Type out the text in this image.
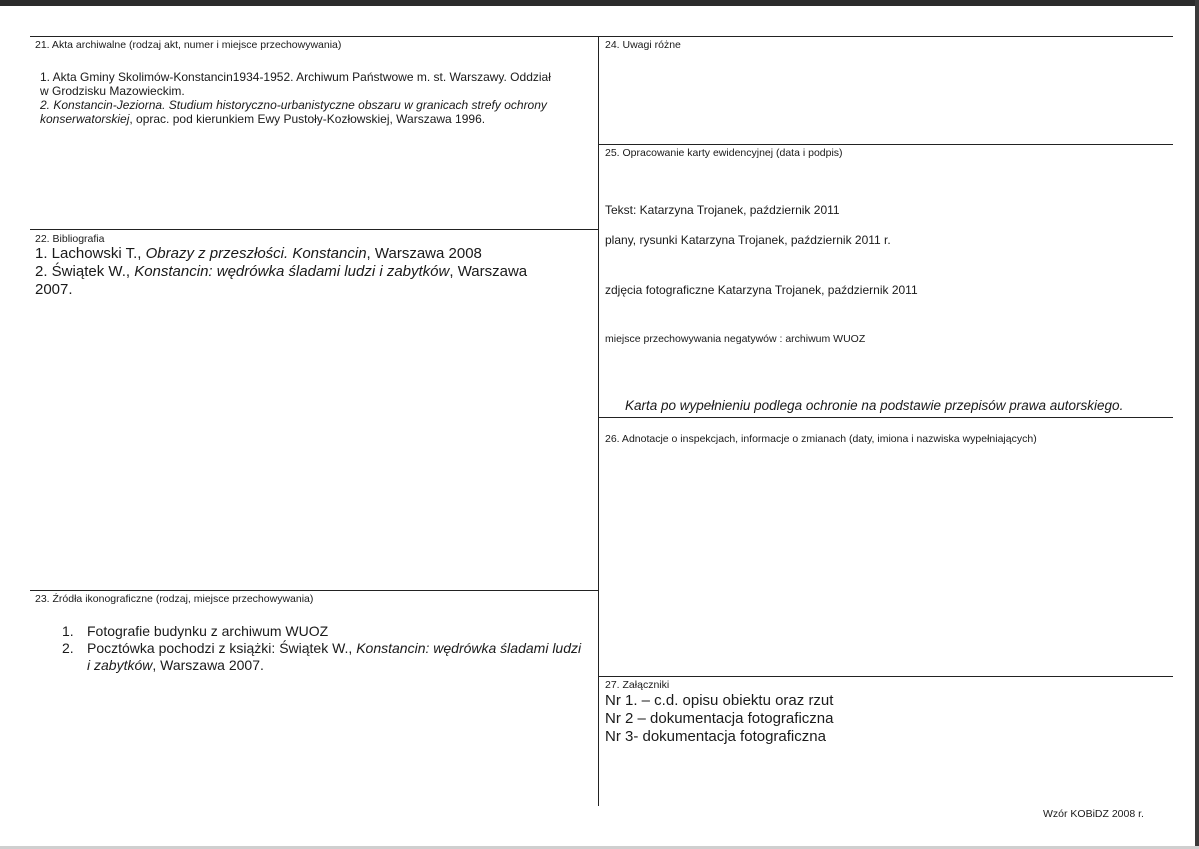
21. Akta archiwalne (rodzaj akt, numer i miejsce przechowywania)

1. Akta Gminy Skolimów-Konstancin1934-1952. Archiwum Państwowe m. st. Warszawy. Oddział

w Grodzisku Mazowieckim.

2. Konstancin-Jeziorna. Studium historyczno-urbanistyczne obszaru w granicach strefy ochrony

konserwatorskiej, oprac. pod kierunkiem Ewy Pustoły-Kozłowskiej, Warszawa 1996.

22. Bibliografia

1. Lachowski T., Obrazy z przeszłości. Konstancin, Warszawa 2008

2. Świątek W., Konstancin: wędrówka śladami ludzi i zabytków, Warszawa

2007.

23. Źródła ikonograficzne (rodzaj, miejsce przechowywania)
1. Fotografie budynku z archiwum WUOZ
2. Pocztówka pochodzi z książki: Świątek W., Konstancin: wędrówka śladami ludzi
i zabytków, Warszawa 2007.
24. Uwagi różne
25. Opracowanie karty ewidencyjnej (data i podpis)
Tekst: Katarzyna Trojanek, październik 2011
plany, rysunki Katarzyna Trojanek, październik 2011 r.
zdjęcia fotograficzne Katarzyna Trojanek, październik 2011
miejsce przechowywania negatywów : archiwum WUOZ
Karta po wypełnieniu podlega ochronie na podstawie przepisów prawa autorskiego.
26. Adnotacje o inspekcjach, informacje o zmianach (daty, imiona i nazwiska wypełniających)
27. Załączniki

Nr 1. – c.d. opisu obiektu oraz rzut

Nr 2 – dokumentacja fotograficzna

Nr 3- dokumentacja fotograficzna

Wzór KOBiDZ 2008 r.
